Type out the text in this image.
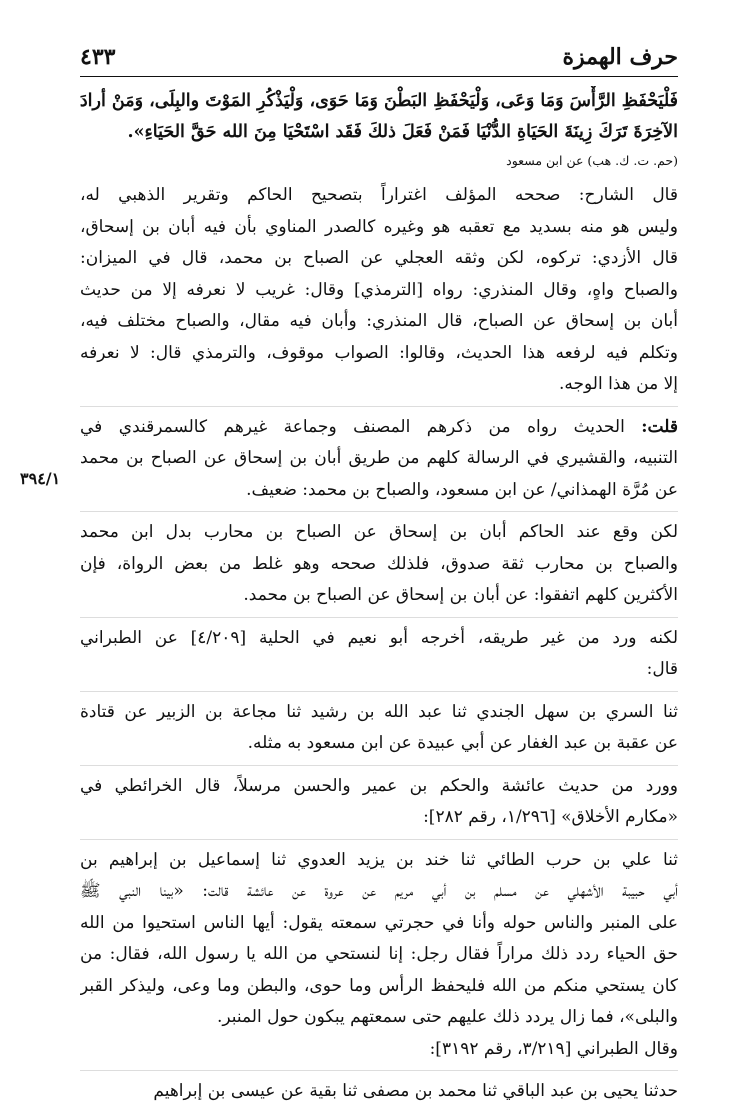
حرف الهمزة
٤٣٣
٣٩٤/١
فَلْيَحْفَظِ الرَّأْسَ وَمَا وَعَى، وَلْيَحْفَظِ البَطْنَ وَمَا حَوَى، وَلْيَذْكُرِ المَوْتَ والبِلَى، وَمَنْ أرادَ
الآخِرَةَ تَرَكَ زِينَةَ الحَيَاةِ الدُّنْيَا فَمَنْ فَعَلَ ذلكَ فَقَد اسْتَحْيَا مِنَ الله حَقَّ الحَيَاءِ».
(حم. ت. ك. هب) عن ابن مسعود
قال الشارح: صححه المؤلف اغتراراً بتصحيح الحاكم وتقرير الذهبي له،
وليس هو منه بسديد مع تعقبه هو وغيره كالصدر المناوي بأن فيه أبان بن إسحاق،
قال الأزدي: تركوه، لكن وثقه العجلي عن الصباح بن محمد، قال في الميزان:
والصباح واهٍ، وقال المنذري: رواه [الترمذي] وقال: غريب لا نعرفه إلا من حديث
أبان بن إسحاق عن الصباح، قال المنذري: وأبان فيه مقال، والصباح مختلف فيه،
وتكلم فيه لرفعه هذا الحديث، وقالوا: الصواب موقوف، والترمذي قال: لا نعرفه
إلا من هذا الوجه.
قلت: الحديث رواه من ذكرهم المصنف وجماعة غيرهم كالسمرقندي في
التنبيه، والقشيري في الرسالة كلهم من طريق أبان بن إسحاق عن الصباح بن محمد
عن مُرَّة الهمذاني/ عن ابن مسعود، والصباح بن محمد: ضعيف.
لكن وقع عند الحاكم أبان بن إسحاق عن الصباح بن محارب بدل ابن محمد
والصباح بن محارب ثقة صدوق، فلذلك صححه وهو غلط من بعض الرواة، فإن
الأكثرين كلهم اتفقوا: عن أبان بن إسحاق عن الصباح بن محمد.
لكنه ورد من غير طريقه، أخرجه أبو نعيم في الحلية [٤/٢٠٩] عن الطبراني
قال:
ثنا السري بن سهل الجندي ثنا عبد الله بن رشيد ثنا مجاعة بن الزبير عن قتادة
عن عقبة بن عبد الغفار عن أبي عبيدة عن ابن مسعود به مثله.
وورد من حديث عائشة والحكم بن عمير والحسن مرسلاً، قال الخرائطي في
«مكارم الأخلاق» [١/٢٩٦، رقم ٢٨٢]:
ثنا علي بن حرب الطائي ثنا خند بن يزيد العدوي ثنا إسماعيل بن إبراهيم بن
أبي حبيبة الأشهلي عن مسلم بن أبي مريم عن عروة عن عائشة قالت: «بينا النبي ﷺ
على المنبر والناس حوله وأنا في حجرتي سمعته يقول: أيها الناس استحيوا من الله
حق الحياء ردد ذلك مراراً فقال رجل: إنا لنستحي من الله يا رسول الله، فقال: من
كان يستحي منكم من الله فليحفظ الرأس وما حوى، والبطن وما وعى، وليذكر القبر
والبلى»، فما زال يردد ذلك عليهم حتى سمعتهم يبكون حول المنبر.
وقال الطبراني [٣/٢١٩، رقم ٣١٩٢]:
حدثنا يحيى بن عبد الباقي ثنا محمد بن مصفى ثنا بقية عن عيسى بن إبراهيم
